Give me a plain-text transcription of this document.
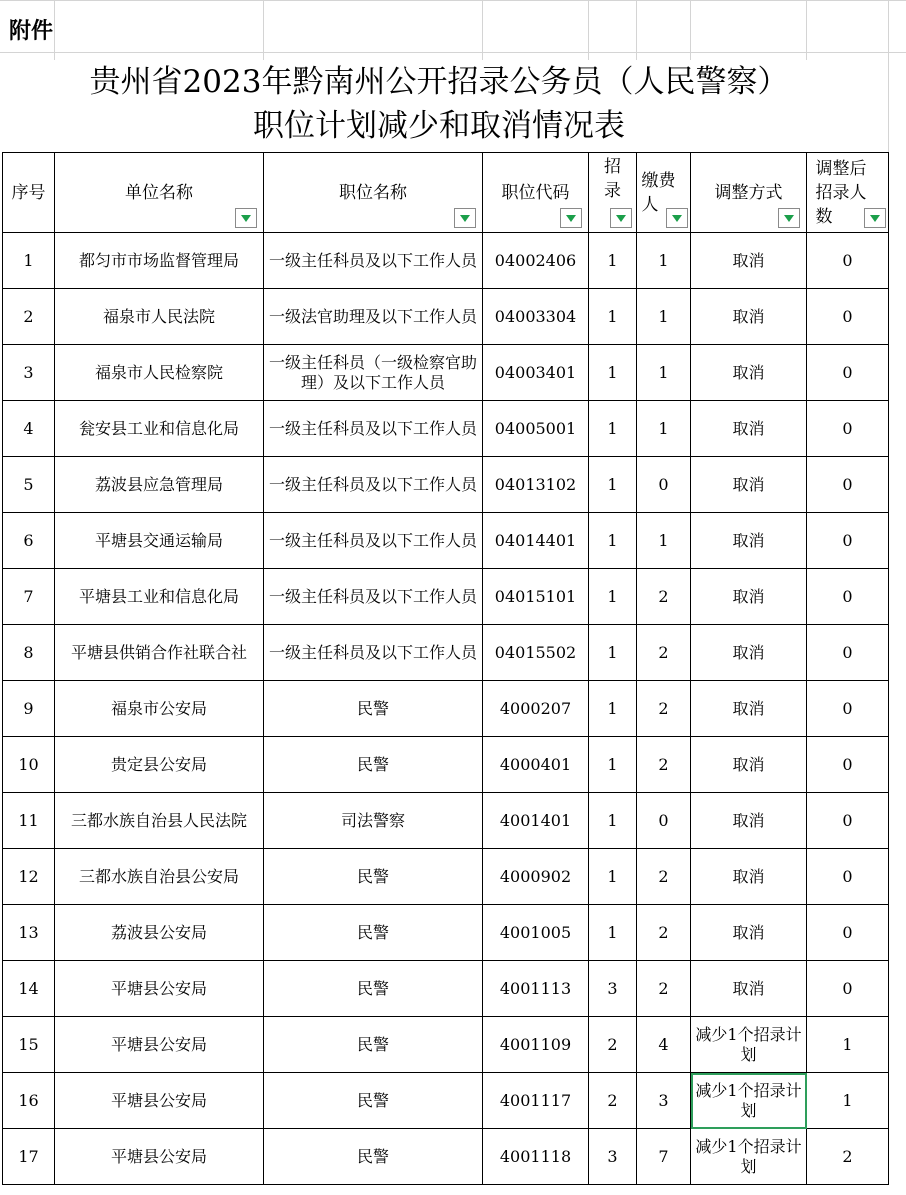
附件
贵州省2023年黔南州公开招录公务员（人民警察）
职位计划减少和取消情况表
序号	单位名称	职位名称	职位代码	招录	缴费人	调整方式	调整后招录人数

1	都匀市市场监督管理局	一级主任科员及以下工作人员	04002406	1	1	取消	0
2	福泉市人民法院	一级法官助理及以下工作人员	04003304	1	1	取消	0
3	福泉市人民检察院	一级主任科员（一级检察官助理）及以下工作人员	04003401	1	1	取消	0
4	瓮安县工业和信息化局	一级主任科员及以下工作人员	04005001	1	1	取消	0
5	荔波县应急管理局	一级主任科员及以下工作人员	04013102	1	0	取消	0
6	平塘县交通运输局	一级主任科员及以下工作人员	04014401	1	1	取消	0
7	平塘县工业和信息化局	一级主任科员及以下工作人员	04015101	1	2	取消	0
8	平塘县供销合作社联合社	一级主任科员及以下工作人员	04015502	1	2	取消	0
9	福泉市公安局	民警	4000207	1	2	取消	0
10	贵定县公安局	民警	4000401	1	2	取消	0
11	三都水族自治县人民法院	司法警察	4001401	1	0	取消	0
12	三都水族自治县公安局	民警	4000902	1	2	取消	0
13	荔波县公安局	民警	4001005	1	2	取消	0
14	平塘县公安局	民警	4001113	3	2	取消	0
15	平塘县公安局	民警	4001109	2	4	减少1个招录计划	1
16	平塘县公安局	民警	4001117	2	3	减少1个招录计划	1
17	平塘县公安局	民警	4001118	3	7	减少1个招录计划	2
